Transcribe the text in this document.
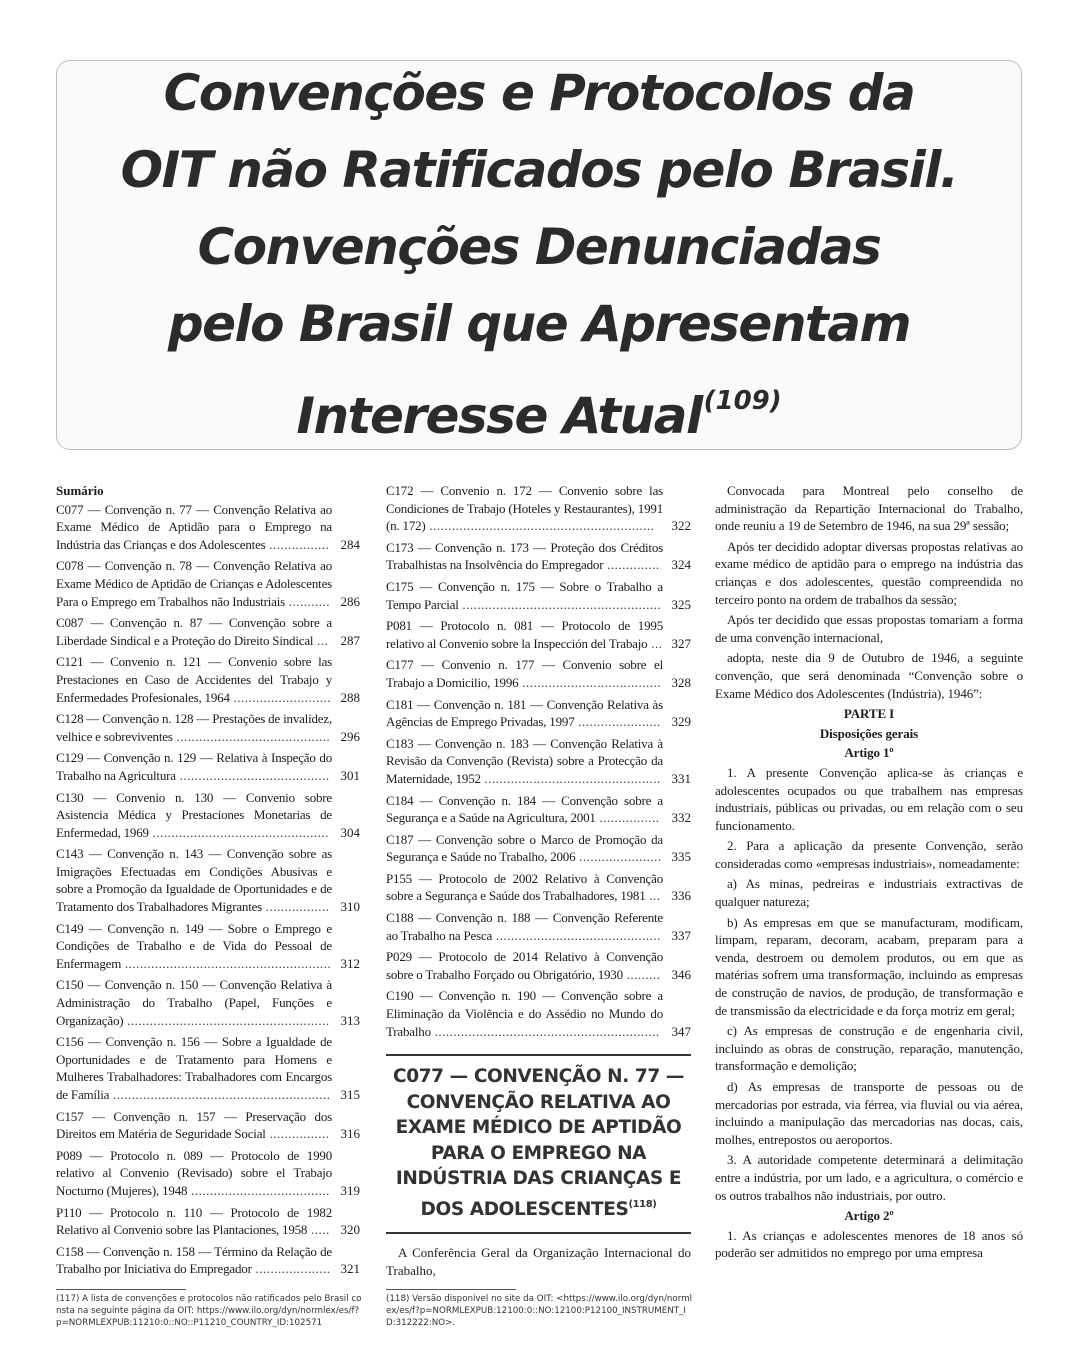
Convenções e Protocolos da
OIT não Ratificados pelo Brasil.
Convenções Denunciadas
pelo Brasil que Apresentam
Interesse Atual$^{(109)}$
Sumário
C077 — Convenção n. 77 — Convenção Relativa ao Exame Médico de Aptidão para o Emprego na Indústria das Crianças e dos Adolescentes ................ 284
C078 — Convenção n. 78 — Convenção Relativa ao Exame Médico de Aptidão de Crianças e Adolescentes Para o Emprego em Trabalhos não Industriais ........... 286
C087 — Convenção n. 87 — Convenção sobre a Liberdade Sindical e a Proteção do Direito Sindical ... 287
C121 — Convenio n. 121 — Convenio sobre las Prestaciones en Caso de Accidentes del Trabajo y Enfermedades Profesionales, 1964 .......................... 288
C128 — Convenção n. 128 — Prestações de invalidez, velhice e sobreviventes ......................................... 296
C129 — Convenção n. 129 — Relativa à Inspeção do Trabalho na Agricultura ........................................ 301
C130 — Convenio n. 130 — Convenio sobre Asistencia Médica y Prestaciones Monetarias de Enfermedad, 1969 ............................................... 304
C143 — Convenção n. 143 — Convenção sobre as Imigrações Efectuadas em Condições Abusivas e sobre a Promoção da Igualdade de Oportunidades e de Tratamento dos Trabalhadores Migrantes ................. 310
C149 — Convenção n. 149 — Sobre o Emprego e Condições de Trabalho e de Vida do Pessoal de Enfermagem ....................................................... 312
C150 — Convenção n. 150 — Convenção Relativa à Administração do Trabalho (Papel, Funções e Organização) ...................................................... 313
C156 — Convenção n. 156 — Sobre a Igualdade de Oportunidades e de Tratamento para Homens e Mulheres Trabalhadores: Trabalhadores com Encargos de Família .......................................................... 315
C157 — Convenção n. 157 — Preservação dos Direitos em Matéria de Seguridade Social ................ 316
P089 — Protocolo n. 089 — Protocolo de 1990 relativo al Convenio (Revisado) sobre el Trabajo Nocturno (Mujeres), 1948 ..................................... 319
P110 — Protocolo n. 110 — Protocolo de 1982 Relativo al Convenio sobre las Plantaciones, 1958 ..... 320
C158 — Convenção n. 158 — Término da Relação de Trabalho por Iniciativa do Empregador .................... 321
C172 — Convenio n. 172 — Convenio sobre las Condiciones de Trabajo (Hoteles y Restaurantes), 1991 (n. 172) ............................................................	322
C173 — Convenção n. 173 — Proteção dos Créditos Trabalhistas na Insolvência do Empregador .............. 324
C175 — Convenção n. 175 — Sobre o Trabalho a Tempo Parcial ..................................................... 325
P081 — Protocolo n. 081 — Protocolo de 1995 relativo al Convenio sobre la Inspección del Trabajo ... 327
C177 — Convenio n. 177 — Convenio sobre el Trabajo a Domicilio, 1996 ..................................... 328
C181 — Convenção n. 181 — Convenção Relativa às Agências de Emprego Privadas, 1997 ...................... 329
C183 — Convenção n. 183 — Convenção Relativa à Revisão da Convenção (Revista) sobre a Protecção da Maternidade, 1952 ............................................... 331
C184 — Convenção n. 184 — Convenção sobre a Segurança e a Saúde na Agricultura, 2001 ................ 332
C187 — Convenção sobre o Marco de Promoção da Segurança e Saúde no Trabalho, 2006 ...................... 335
P155 — Protocolo de 2002 Relativo à Convenção sobre a Segurança e Saúde dos Trabalhadores, 1981 ... 336
C188 — Convenção n. 188 — Convenção Referente ao Trabalho na Pesca ............................................ 337
P029 — Protocolo de 2014 Relativo à Convenção sobre o Trabalho Forçado ou Obrigatório, 1930 ......... 346
C190 — Convenção n. 190 — Convenção sobre a Eliminação da Violência e do Assédio no Mundo do Trabalho ............................................................ 347
C077 — CONVENÇÃO N. 77 —
CONVENÇÃO RELATIVA AO
EXAME MÉDICO DE APTIDÃO
PARA O EMPREGO NA
INDÚSTRIA DAS CRIANÇAS E
DOS ADOLESCENTES$^{(118)}$
A Conferência Geral da Organização Internacional do Trabalho,

Convocada para Montreal pelo conselho de administração da Repartição Internacional do Trabalho, onde reuniu a 19 de Setembro de 1946, na sua 29ª sessão;

Após ter decidido adoptar diversas propostas relativas ao exame médico de aptidão para o emprego na indústria das crianças e dos adolescentes, questão compreendida no terceiro ponto na ordem de trabalhos da sessão;

Após ter decidido que essas propostas tomariam a forma de uma convenção internacional,

adopta, neste dia 9 de Outubro de 1946, a seguinte convenção, que será denominada “Convenção sobre o Exame Médico dos Adolescentes (Indústria), 1946”:

PARTE I

Disposições gerais

Artigo 1º

1. A presente Convenção aplica-se às crianças e adolescentes ocupados ou que trabalhem nas empresas industriais, públicas ou privadas, ou em relação com o seu funcionamento.

2. Para a aplicação da presente Convenção, serão consideradas como «empresas industriais», nomeadamente:

a) As minas, pedreiras e industriais extractivas de qualquer natureza;

b) As empresas em que se manufacturam, modificam, limpam, reparam, decoram, acabam, preparam para a venda, destroem ou demolem produtos, ou em que as matérias sofrem uma transformação, incluindo as empresas de construção de navios, de produção, de transformação e de transmissão da electricidade e da força motriz em geral;

c) As empresas de construção e de engenharia civil, incluindo as obras de construção, reparação, manutenção, transformação e demolição;

d) As empresas de transporte de pessoas ou de mercadorias por estrada, via férrea, via fluvial ou via aérea, incluindo a manipulação das mercadorias nas docas, cais, molhes, entrepostos ou aeroportos.

3. A autoridade competente determinará a delimitação entre a indústria, por um lado, e a agricultura, o comércio e os outros trabalhos não industriais, por outro.

Artigo 2º

1. As crianças e adolescentes menores de 18 anos só poderão ser admitidos no emprego por uma empresa

(117) A lista de convenções e protocolos não ratificados pelo Brasil consta na seguinte página da OIT: https://www.ilo.org/dyn/normlex/es/f?p=NORMLEXPUB:11210:0::NO::P11210_COUNTRY_ID:102571
(118) Versão disponível no site da OIT: <https://www.ilo.org/dyn/normlex/es/f?p=NORMLEXPUB:12100:0::NO:12100:P12100_INSTRUMENT_ID:312222:NO>.
